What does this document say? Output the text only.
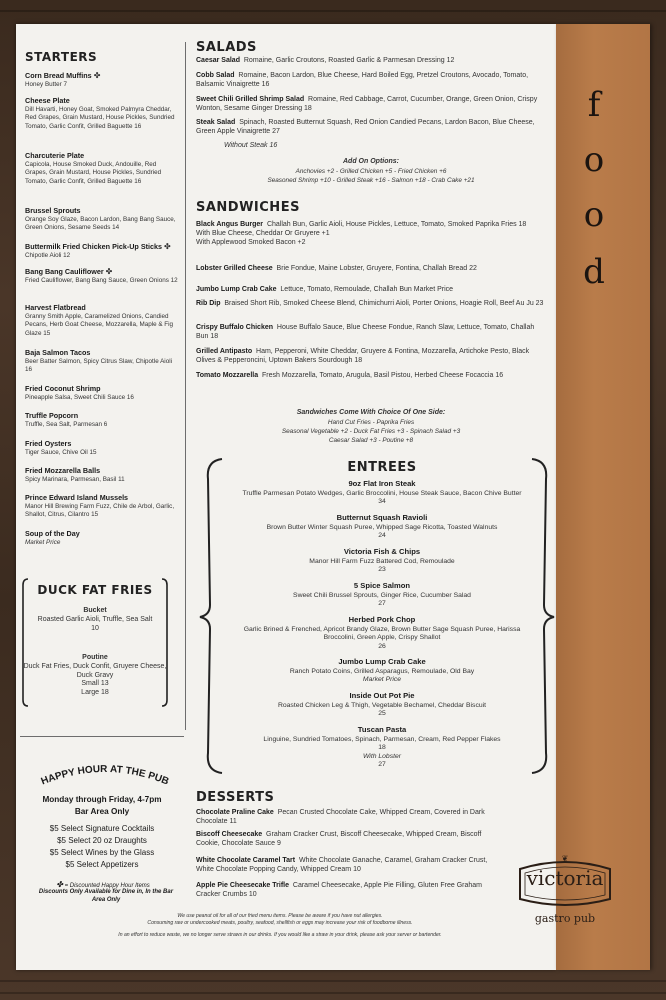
f
o
o
d
❦
victoria
gastro pub
STARTERS
Corn Bread Muffins ✤
Honey Butter 7
Cheese Plate
Dill Havarti, Honey Goat, Smoked Palmyra Cheddar, Red Grapes, Grain Mustard, House Pickles, Sundried Tomato, Garlic Confit, Grilled Baguette 16
Charcuterie Plate
Capicola, House Smoked Duck, Andouille, Red Grapes, Grain Mustard, House Pickles, Sundried Tomato, Garlic Confit, Grilled Baguette 16
Brussel Sprouts
Orange Soy Glaze, Bacon Lardon, Bang Bang Sauce, Green Onions, Sesame Seeds 14
Buttermilk Fried Chicken Pick-Up Sticks ✤
Chipotle Aioli 12
Bang Bang Cauliflower ✤
Fried Cauliflower, Bang Bang Sauce, Green Onions 12
Harvest Flatbread
Granny Smith Apple, Caramelized Onions, Candied Pecans, Herb Goat Cheese, Mozzarella, Maple & Fig Glaze 15
Baja Salmon Tacos
Beer Batter Salmon, Spicy Citrus Slaw, Chipotle Aioli 16
Fried Coconut Shrimp
Pineapple Salsa, Sweet Chili Sauce 16
Truffle Popcorn
Truffle, Sea Salt, Parmesan 6
Fried Oysters
Tiger Sauce, Chive Oil 15
Fried Mozzarella Balls
Spicy Marinara, Parmesan, Basil 11
Prince Edward Island Mussels
Manor Hill Brewing Farm Fuzz, Chile de Arbol, Garlic, Shallot, Citrus, Cilantro 15
Soup of the Day
Market Price
DUCK FAT FRIES
Bucket
Roasted Garlic Aioli, Truffle, Sea Salt
10
Poutine
Duck Fat Fries, Duck Confit, Gruyere Cheese, Duck Gravy
Small 13
Large 18
HAPPY HOUR AT THE PUB
Monday through Friday, 4-7pm
Bar Area Only
$5 Select Signature Cocktails
$5 Select 20 oz Draughts
$5 Select Wines by the Glass
$5 Select Appetizers
✤ = Discounted Happy Hour Items
Discounts Only Available for Dine in, In the Bar Area Only
SALADS
Caesar Salad Romaine, Garlic Croutons, Roasted Garlic & Parmesan Dressing 12
Cobb Salad Romaine, Bacon Lardon, Blue Cheese, Hard Boiled Egg, Pretzel Croutons, Avocado, Tomato, Balsamic Vinaigrette 16
Sweet Chili Grilled Shrimp Salad Romaine, Red Cabbage, Carrot, Cucumber, Orange, Green Onion, Crispy Wonton, Sesame Ginger Dressing 18
Steak Salad Spinach, Roasted Butternut Squash, Red Onion Candied Pecans, Lardon Bacon, Blue Cheese, Green Apple Vinaigrette 27
Without Steak 16
Add On Options:
Anchovies +2 - Grilled Chicken +5 - Fried Chicken +6
Seasoned Shrimp +10 - Grilled Steak +16 - Salmon +18 - Crab Cake +21
SANDWICHES
Black Angus Burger Challah Bun, Garlic Aioli, House Pickles, Lettuce, Tomato, Smoked Paprika Fries 18
With Blue Cheese, Cheddar Or Gruyere +1
With Applewood Smoked Bacon +2
Lobster Grilled Cheese Brie Fondue, Maine Lobster, Gruyere, Fontina, Challah Bread 22
Jumbo Lump Crab Cake Lettuce, Tomato, Remoulade, Challah Bun Market Price
Rib Dip Braised Short Rib, Smoked Cheese Blend, Chimichurri Aioli, Porter Onions, Hoagie Roll, Beef Au Ju 23
Crispy Buffalo Chicken House Buffalo Sauce, Blue Cheese Fondue, Ranch Slaw, Lettuce, Tomato, Challah Bun 18
Grilled Antipasto Ham, Pepperoni, White Cheddar, Gruyere & Fontina, Mozzarella, Artichoke Pesto, Black Olives & Pepperoncini, Uptown Bakers Sourdough 18
Tomato Mozzarella Fresh Mozzarella, Tomato, Arugula, Basil Pistou, Herbed Cheese Focaccia 16
Sandwiches Come With Choice Of One Side:
Hand Cut Fries - Paprika Fries
Seasonal Vegetable +2 - Duck Fat Fries +3 - Spinach Salad +3
Caesar Salad +3 - Poutine +8
ENTREES
9oz Flat Iron Steak
Truffle Parmesan Potato Wedges, Garlic Broccolini, House Steak Sauce, Bacon Chive Butter
34
Butternut Squash Ravioli
Brown Butter Winter Squash Puree, Whipped Sage Ricotta, Toasted Walnuts
24
Victoria Fish & Chips
Manor Hill Farm Fuzz Battered Cod, Remoulade
23
5 Spice Salmon
Sweet Chili Brussel Sprouts, Ginger Rice, Cucumber Salad
27
Herbed Pork Chop
Garlic Brined & Frenched, Apricot Brandy Glaze, Brown Butter Sage Squash Puree, Harissa Broccolini, Green Apple, Crispy Shallot
26
Jumbo Lump Crab Cake
Ranch Potato Coins, Grilled Asparagus, Remoulade, Old Bay
Market Price
Inside Out Pot Pie
Roasted Chicken Leg & Thigh, Vegetable Bechamel, Cheddar Biscuit
25
Tuscan Pasta
Linguine, Sundried Tomatoes, Spinach, Parmesan, Cream, Red Pepper Flakes
18
With Lobster
27
DESSERTS
Chocolate Praline Cake Pecan Crusted Chocolate Cake, Whipped Cream, Covered in Dark Chocolate 11
Biscoff Cheesecake Graham Cracker Crust, Biscoff Cheesecake, Whipped Cream, Biscoff Cookie, Chocolate Sauce 9
White Chocolate Caramel Tart White Chocolate Ganache, Caramel, Graham Cracker Crust, White Chocolate Popping Candy, Whipped Cream 10
Apple Pie Cheesecake Trifle Caramel Cheesecake, Apple Pie Filling, Gluten Free Graham Cracker Crumbs 10
We use peanut oil for all of our fried menu items. Please be aware if you have nut allergies.
Consuming raw or undercooked meats, poultry, seafood, shellfish or eggs may increase your risk of foodborne illness.
In an effort to reduce waste, we no longer serve straws in our drinks. If you would like a straw in your drink, please ask your server or bartender.
